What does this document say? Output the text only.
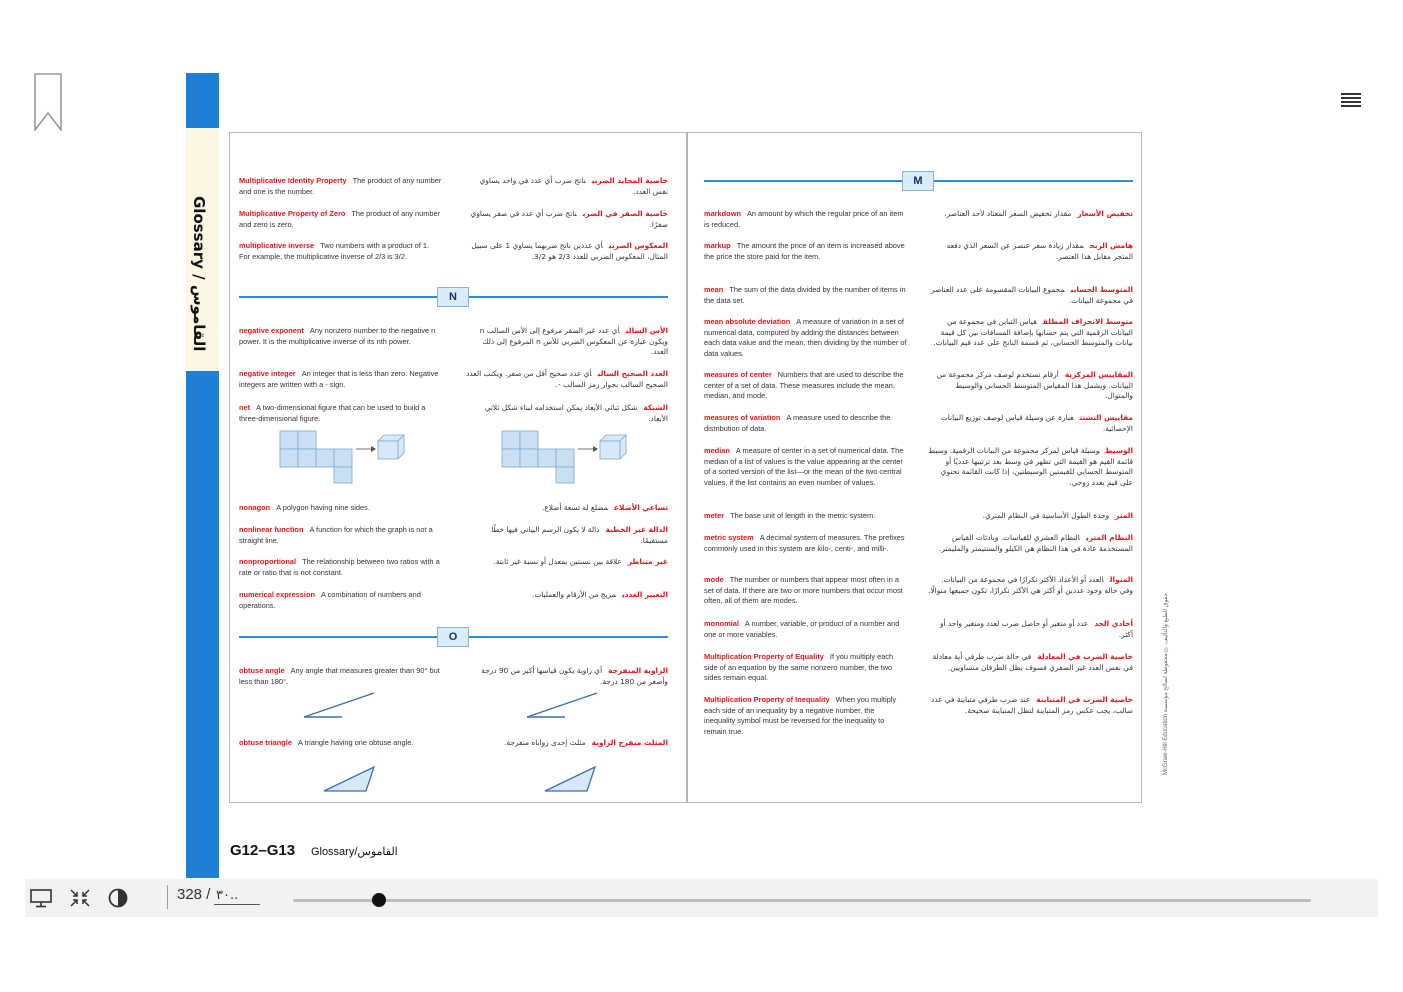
Glossary / القاموس
Multiplicative Identity Property The product of any number and one is the number.
خاصية المحايد الضربيناتج ضرب أي عدد في واحد يساوي نفس العدد.
Multiplicative Property of Zero The product of any number and zero is zero.
خاصية الصفر في الضربناتج ضرب أي عدد في صفر يساوي صفرًا.
multiplicative inverse Two numbers with a product of 1. For example, the multiplicative inverse of 2/3 is 3/2.
المعكوس الضربيأي عددين ناتج ضربهما يساوي 1 على سبيل المثال، المعكوس الضربي للعدد 2/3 هو 3/2.
N
negative exponent Any nonzero number to the negative n power. It is the multiplicative inverse of its nth power.
الأس السالبأي عدد غير الصفر مرفوع إلى الأس السالب n ويكون عبارة عن المعكوس الضربي للأس n المرفوع إلى ذلك العدد.
negative integer An integer that is less than zero. Negative integers are written with a - sign.
العدد الصحيح السالبأي عدد صحيح أقل من صفر. ويكتب العدد الصحيح السالب بجوار رمز السالب -.
net A two-dimensional figure that can be used to build a three-dimensional figure.
الشبكةشكل ثنائي الأبعاد يمكن استخدامه لبناء شكل ثلاثي الأبعاد.
nonagon A polygon having nine sides.	تساعي الأضلاعمضلع له تسعة أضلاع.
nonlinear function A function for which the graph is not a straight line.
الدالة غير الخطيةدالة لا يكون الرسم البياني فيها خطًا مستقيمًا.
nonproportional The relationship between two ratios with a rate or ratio that is not constant.
غير متناظرعلاقة بين نسبتين بمعدل أو نسبة غير ثابتة.
numerical expression A combination of numbers and operations.
التعبير العدديمزيج من الأرقام والعمليات.
O
obtuse angle Any angle that measures greater than 90° but less than 180°.
الزاوية المنفرجةأي زاوية يكون قياسها أكبر من 90 درجة وأصغر من 180 درجة.
obtuse triangle A triangle having one obtuse angle.	المثلث منفرج الزاويةمثلث إحدى زواياه منفرجة.
M
markdown An amount by which the regular price of an item is reduced.
تخفيض الأسعارمقدار تخفيض السعر المعتاد لأحد العناصر.
markup The amount the price of an item is increased above the price the store paid for the item.
هامش الربحمقدار زيادة سعر عنصر عن السعر الذي دفعه المتجر مقابل هذا العنصر.
mean The sum of the data divided by the number of items in the data set.
المتوسط الحسابيمجموع البيانات المقسومة على عدد العناصر في مجموعة البيانات.
mean absolute deviation A measure of variation in a set of numerical data, computed by adding the distances between each data value and the mean, then dividing by the number of data values.
متوسط الانحراف المطلققياس التباين في مجموعة من البيانات الرقمية التي يتم حسابها بإضافة المسافات بين كل قيمة بيانات والمتوسط الحسابي، ثم قسمة الناتج على عدد قيم البيانات.
measures of center Numbers that are used to describe the center of a set of data. These measures include the mean, median, and mode.
المقاييس المركزيةأرقام تستخدم لوصف مركز مجموعة من البيانات. ويشمل هذا المقياس المتوسط الحسابي والوسيط والمنوال.
measures of variation A measure used to describe the distribution of data.
مقاييس التشتتعبارة عن وسيلة قياس لوصف توزيع البيانات الإحصائية.
median A measure of center in a set of numerical data. The median of a list of values is the value appearing at the center of a sorted version of the list—or the mean of the two central values, if the list contains an even number of values.
الوسيطوسيلة قياس لمركز مجموعة من البيانات الرقمية. وسيط قائمة القيم هو القيمة التي تظهر في وسط بعد ترتيبها عدديًا أو المتوسط الحسابي للقيمتين الوسيطتين، إذا كانت القائمة تحتوي على قيم بعدد زوجي.
meter The base unit of length in the metric system.	المتروحدة الطول الأساسية في النظام المتري.
metric system A decimal system of measures. The prefixes commonly used in this system are kilo-, centi-, and milli-.
النظام المتريالنظام العشري للقياسات. وبادئات القياس المستخدمة عادة في هذا النظام هي الكيلو والسنتيمتر والمليمتر.
mode The number or numbers that appear most often in a set of data. If there are two or more numbers that occur most often, all of them are modes.
المنوالالعدد أو الأعداد الأكثر تكرارًا في مجموعة من البيانات. وفي حالة وجود عددين أو أكثر هي الأكثر تكرارًا، تكون جميعها منوالًا.
monomial A number, variable, or product of a number and one or more variables.
أحادي الحدعدد أو متغير أو حاصل ضرب لعدد ومتغير واحد أو أكثر.
Multiplication Property of Equality If you multiply each side of an equation by the same nonzero number, the two sides remain equal.
خاصية الضرب في المعادلةفي حالة ضرب طرفي أية معادلة في نفس العدد غير الصفري فسوف يظل الطرفان متساويين.
Multiplication Property of Inequality When you multiply each side of an inequality by a negative number, the inequality symbol must be reversed for the inequality to remain true.
خاصية الضرب في المتباينةعند ضرب طرفي متباينة في عدد سالب، يجب عكس رمز المتباينة لتظل المتباينة صحيحة.
McGraw-Hill Education حقوق الطبع والتأليف © محفوظة لصالح مؤسسة
G12–G13 Glossary/القاموس
328 /
٣٠..
